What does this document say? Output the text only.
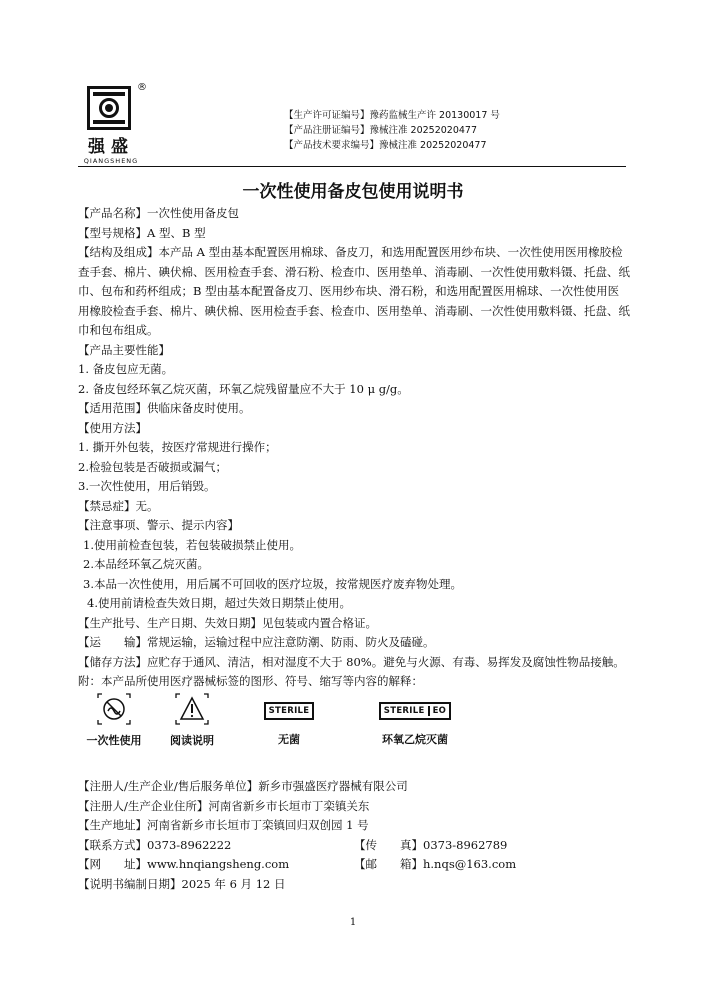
®
强盛
QIANGSHENG
【生产许可证编号】豫药监械生产许 20130017 号
【产品注册证编号】豫械注准 20252020477
【产品技术要求编号】豫械注准 20252020477
一次性使用备皮包使用说明书

【产品名称】一次性使用备皮包

【型号规格】A 型、B 型

【结构及组成】本产品 A 型由基本配置医用棉球、备皮刀，和选用配置医用纱布块、一次性使用医用橡胶检查手套、棉片、碘伏棉、医用检查手套、滑石粉、检查巾、医用垫单、消毒刷、一次性使用敷料镊、托盘、纸巾、包布和药杯组成；B 型由基本配置备皮刀、医用纱布块、滑石粉，和选用配置医用棉球、一次性使用医用橡胶检查手套、棉片、碘伏棉、医用检查手套、检查巾、医用垫单、消毒刷、一次性使用敷料镊、托盘、纸巾和包布组成。

【产品主要性能】

1. 备皮包应无菌。

2. 备皮包经环氧乙烷灭菌，环氧乙烷残留量应不大于 10 μ g/g。

【适用范围】供临床备皮时使用。

【使用方法】

1. 撕开外包装，按医疗常规进行操作；

2.检验包装是否破损或漏气；

3.一次性使用，用后销毁。

【禁忌症】无。

【注意事项、警示、提示内容】

1.使用前检查包装，若包装破损禁止使用。

2.本品经环氧乙烷灭菌。

3.本品一次性使用，用后属不可回收的医疗垃圾，按常规医疗废弃物处理。

4.使用前请检查失效日期，超过失效日期禁止使用。

【生产批号、生产日期、失效日期】见包装或内置合格证。

【运　　输】常规运输，运输过程中应注意防潮、防雨、防火及磕碰。

【储存方法】应贮存于通风、清洁，相对湿度不大于 80%。避免与火源、有毒、易挥发及腐蚀性物品接触。

附：本产品所使用医疗器械标签的图形、符号、缩写等内容的解释：

一次性使用	阅读说明
STERILE
无菌
STERILE EO
环氧乙烷灭菌

【注册人/生产企业/售后服务单位】新乡市强盛医疗器械有限公司

【注册人/生产企业住所】河南省新乡市长垣市丁栾镇关东

【生产地址】河南省新乡市长垣市丁栾镇回归双创园 1 号

【联系方式】0373-8962222	【传　　真】0373-8962789

【网　　址】www.hnqiangsheng.com	【邮　　箱】h.nqs@163.com

【说明书编制日期】2025 年 6 月 12 日

1
